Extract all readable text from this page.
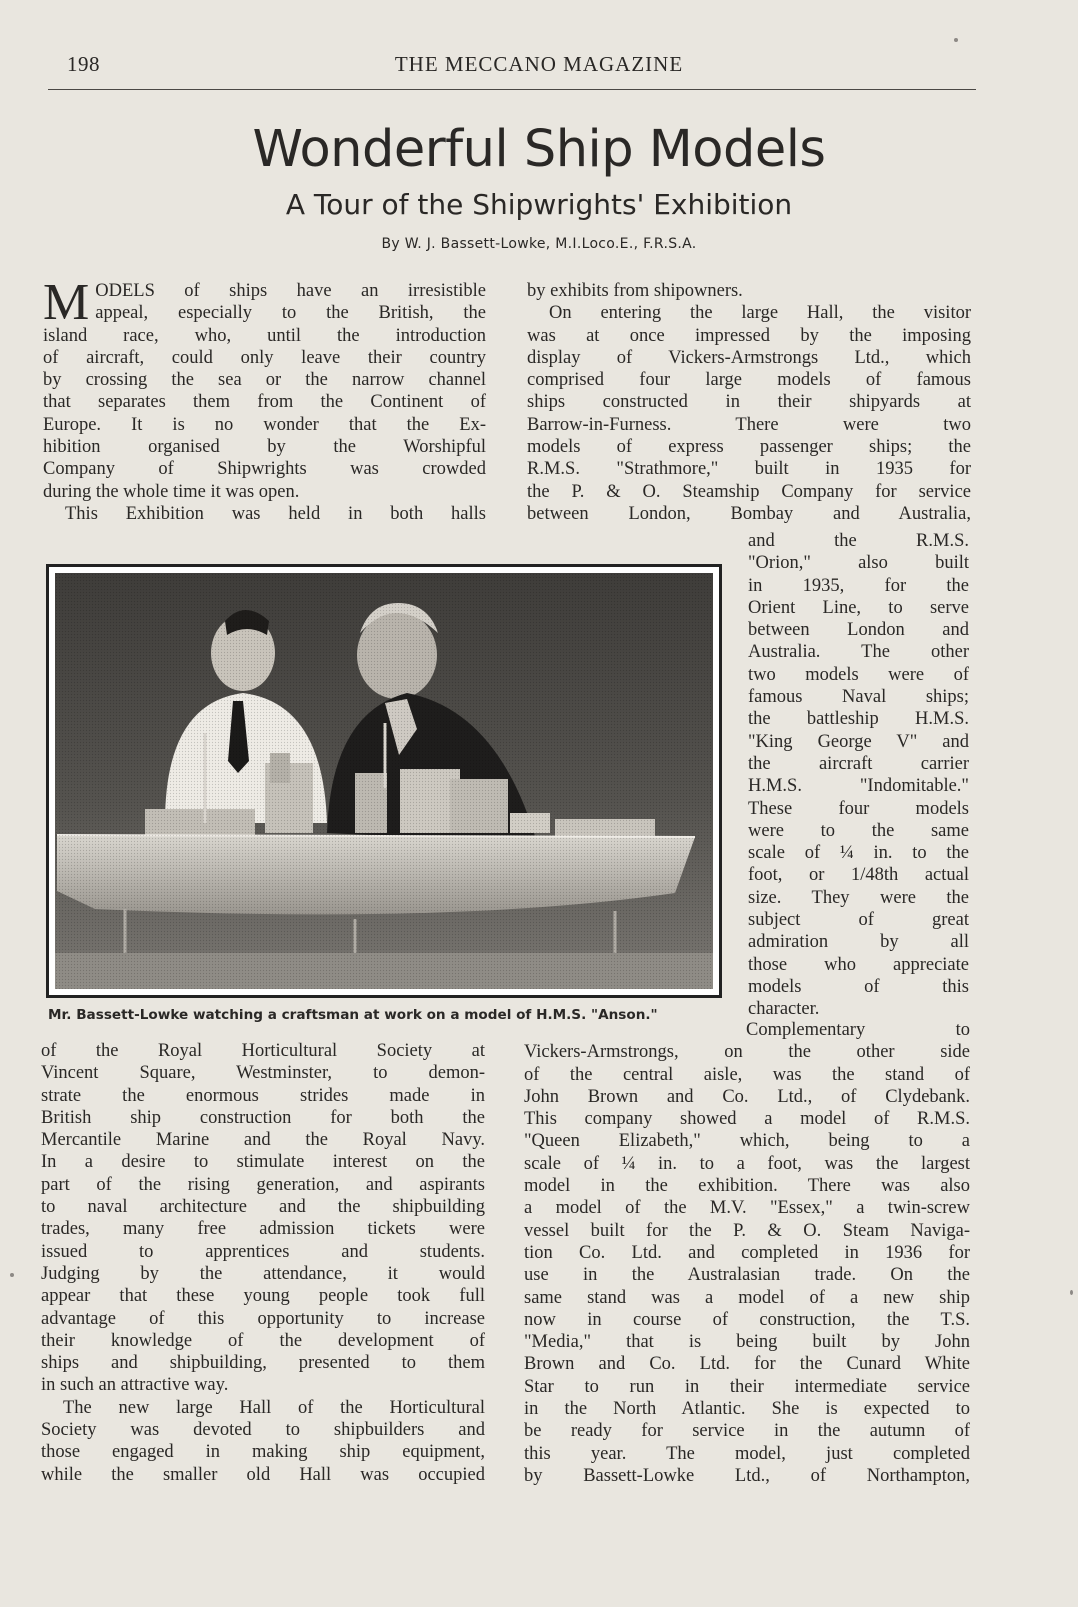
198	THE MECCANO MAGAZINE
Wonderful Ship Models
A Tour of the Shipwrights' Exhibition
By W. J. Bassett-Lowke, M.I.Loco.E., F.R.S.A.
M ODELS of ships have an irresistible
appeal, especially to the British, the
island race, who, until the introduction
of aircraft, could only leave their country
by crossing the sea or the narrow channel
that separates them from the Continent of
Europe. It is no wonder that the Ex-
hibition organised by the Worshipful
Company of Shipwrights was crowded
during the whole time it was open.
This Exhibition was held in both halls
by exhibits from shipowners.
On entering the large Hall, the visitor
was at once impressed by the imposing
display of Vickers-Armstrongs Ltd., which
comprised four large models of famous
ships constructed in their shipyards at
Barrow-in-Furness. There were two
models of express passenger ships; the
R.M.S. "Strathmore," built in 1935 for
the P. & O. Steamship Company for service
between London, Bombay and Australia,
and the R.M.S.
"Orion," also built
in 1935, for the
Orient Line, to serve
between London and
Australia. The other
two models were of
famous Naval ships;
the battleship H.M.S.
"King George V" and
the aircraft carrier
H.M.S. "Indomitable."
These four models
were to the same
scale of ¼ in. to the
foot, or 1/48th actual
size. They were the
subject of great
admiration by all
those who appreciate
models of this
character.
Mr. Bassett-Lowke watching a craftsman at work on a model of H.M.S. "Anson."
of the Royal Horticultural Society at
Vincent Square, Westminster, to demon-
strate the enormous strides made in
British ship construction for both the
Mercantile Marine and the Royal Navy.
In a desire to stimulate interest on the
part of the rising generation, and aspirants
to naval architecture and the shipbuilding
trades, many free admission tickets were
issued to apprentices and students.
Judging by the attendance, it would
appear that these young people took full
advantage of this opportunity to increase
their knowledge of the development of
ships and shipbuilding, presented to them
in such an attractive way.
The new large Hall of the Horticultural
Society was devoted to shipbuilders and
those engaged in making ship equipment,
while the smaller old Hall was occupied
Complementary to
Vickers-Armstrongs, on the other side
of the central aisle, was the stand of
John Brown and Co. Ltd., of Clydebank.
This company showed a model of R.M.S.
"Queen Elizabeth," which, being to a
scale of ¼ in. to a foot, was the largest
model in the exhibition. There was also
a model of the M.V. "Essex," a twin-screw
vessel built for the P. & O. Steam Naviga-
tion Co. Ltd. and completed in 1936 for
use in the Australasian trade. On the
same stand was a model of a new ship
now in course of construction, the T.S.
"Media," that is being built by John
Brown and Co. Ltd. for the Cunard White
Star to run in their intermediate service
in the North Atlantic. She is expected to
be ready for service in the autumn of
this year. The model, just completed
by Bassett-Lowke Ltd., of Northampton,
